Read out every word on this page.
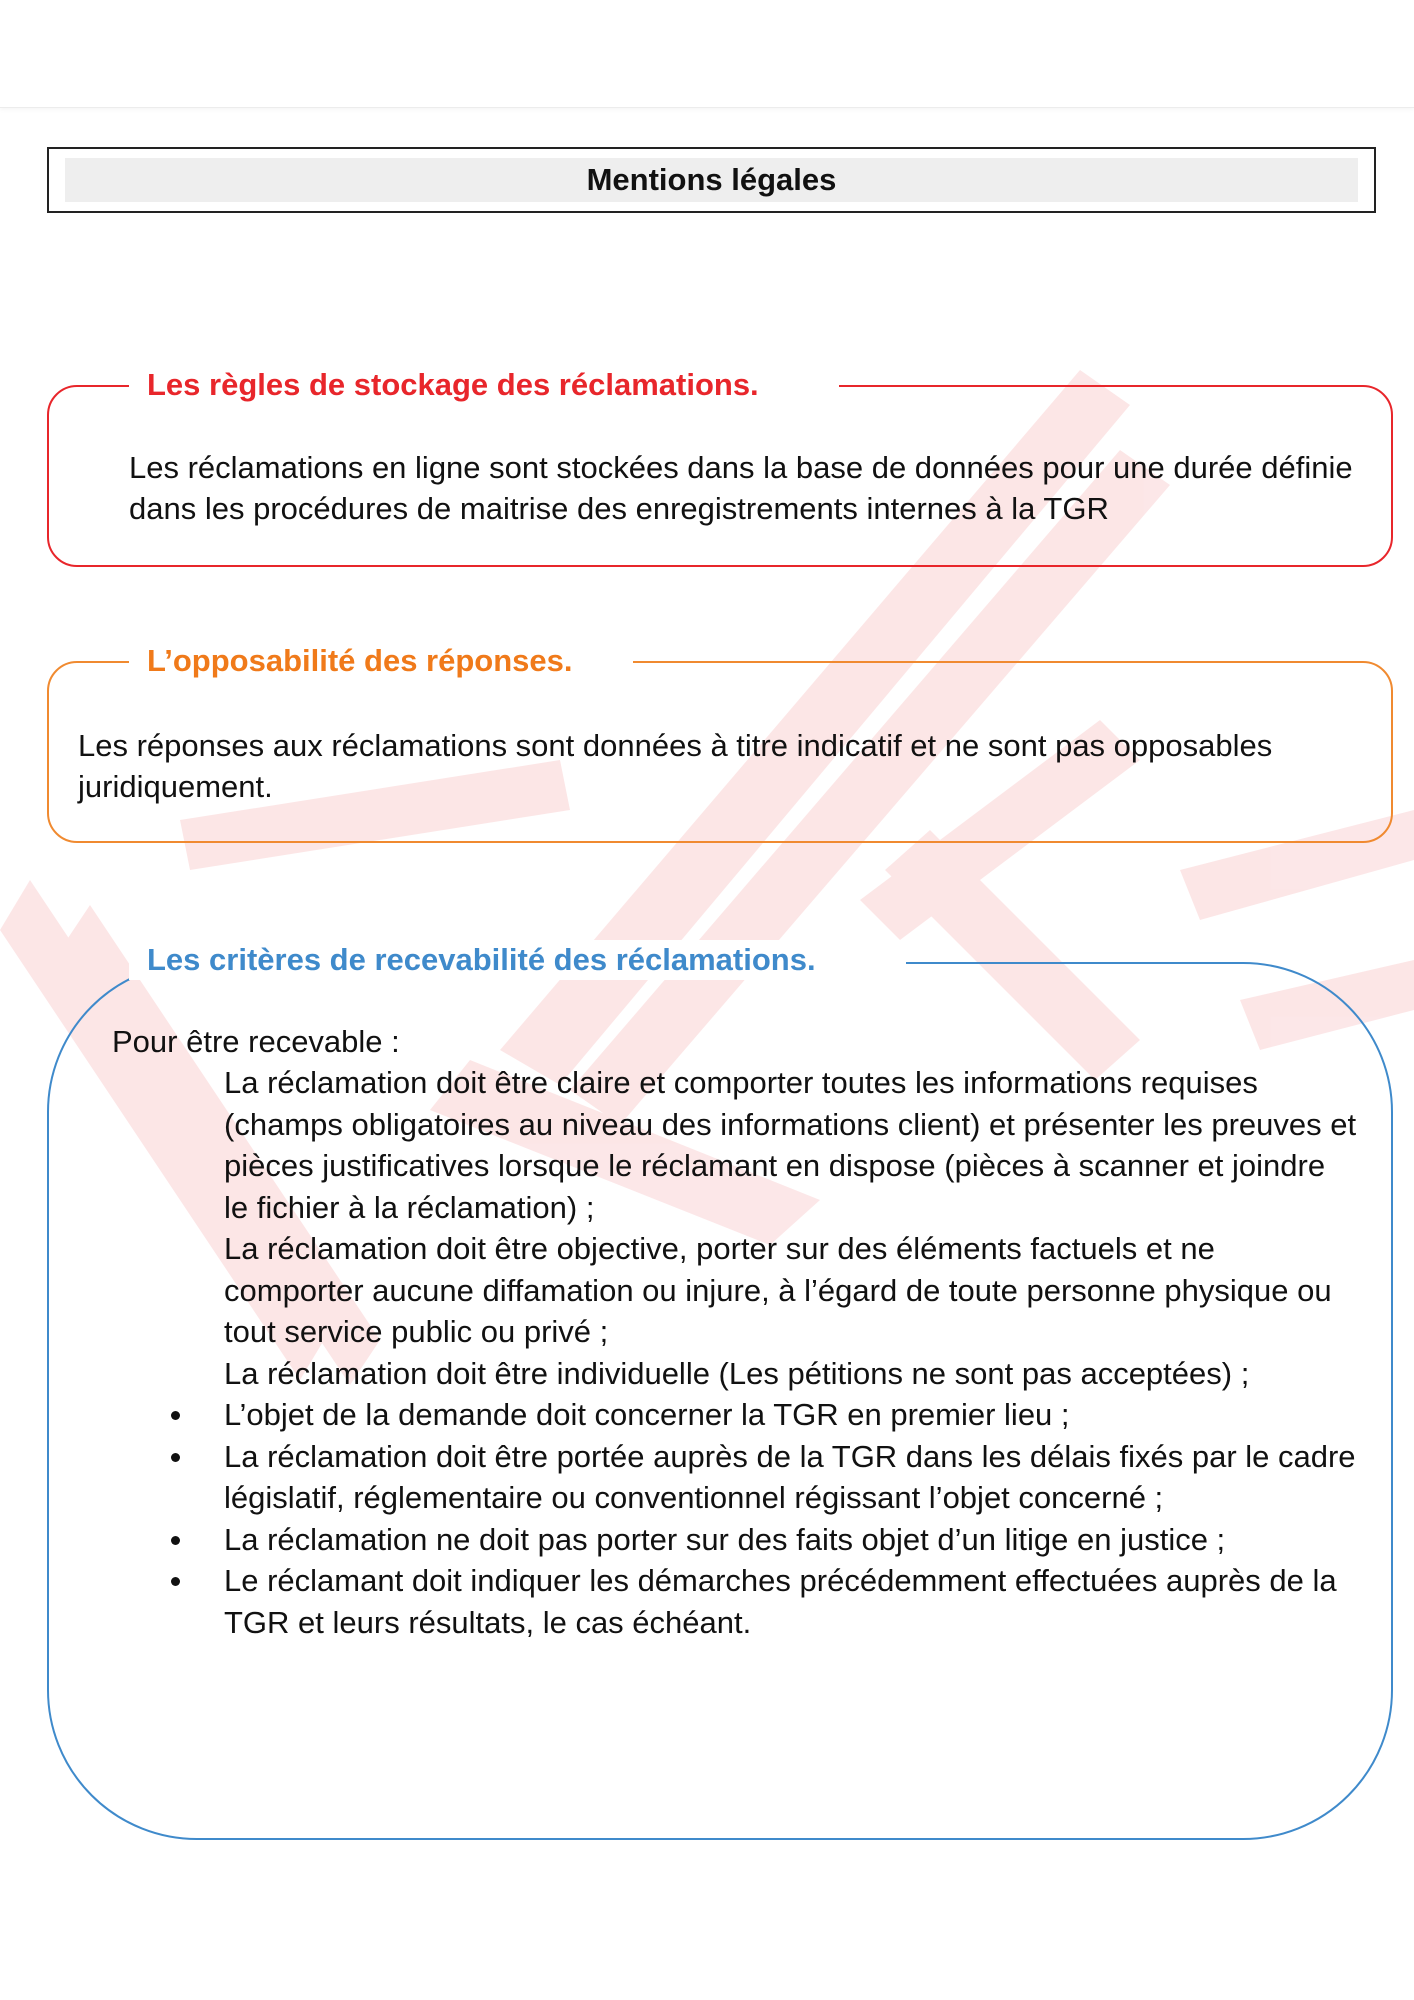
Mentions légales
Les règles de stockage des réclamations.
Les réclamations en ligne sont stockées dans la base de données pour une durée définie dans les procédures de maitrise des enregistrements internes à la TGR
L’opposabilité des réponses.
Les réponses aux réclamations sont données à titre indicatif et ne sont pas opposables juridiquement.
Les critères de recevabilité des réclamations.
Pour être recevable :
La réclamation doit être claire et comporter toutes les informations requises (champs obligatoires au niveau des informations client) et présenter les preuves et pièces justificatives lorsque le réclamant en dispose (pièces à scanner et joindre le fichier à la réclamation) ;
La réclamation doit être objective, porter sur des éléments factuels et ne comporter aucune diffamation ou injure, à l’égard de toute personne physique ou tout service public ou privé ;
La réclamation doit être individuelle (Les pétitions ne sont pas acceptées) ;
L’objet de la demande doit concerner la TGR en premier lieu ;
La réclamation doit être portée auprès de la TGR dans les délais fixés par le cadre législatif, réglementaire ou conventionnel régissant l’objet concerné ;
La réclamation ne doit pas porter sur des faits objet d’un litige en justice ;
Le réclamant doit indiquer les démarches précédemment effectuées auprès de la TGR et leurs résultats, le cas échéant.
